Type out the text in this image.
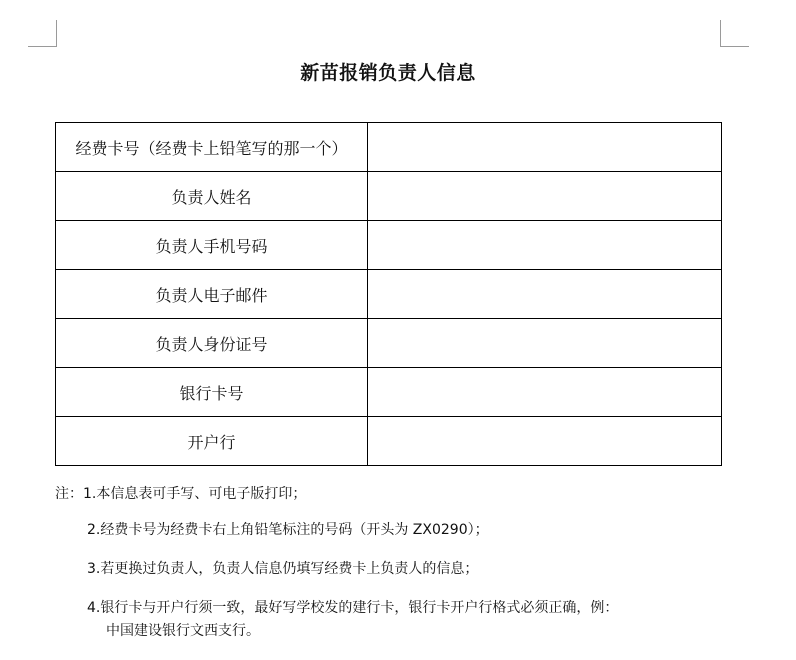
新苗报销负责人信息
经费卡号（经费卡上铅笔写的那一个）	
负责人姓名	
负责人手机号码	
负责人电子邮件	
负责人身份证号	
银行卡号	
开户行	
注：1.本信息表可手写、可电子版打印；
2.经费卡号为经费卡右上角铅笔标注的号码（开头为 ZX0290）；
3.若更换过负责人，负责人信息仍填写经费卡上负责人的信息；
4.银行卡与开户行须一致，最好写学校发的建行卡，银行卡开户行格式必须正确，例：
中国建设银行文西支行。
